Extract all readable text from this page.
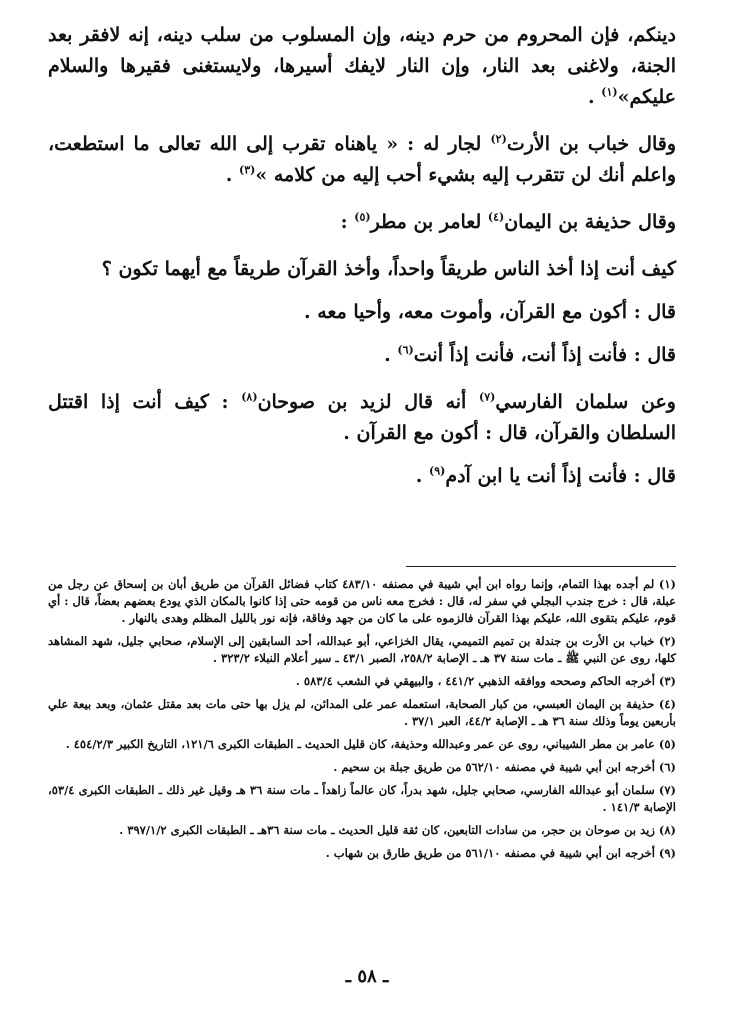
دينكم، فإن المحروم من حرم دينه، وإن المسلوب من سلب دينه، إنه لافقر بعد الجنة، ولاغنى بعد النار، وإن النار لايفك أسيرها، ولايستغنى فقيرها والسلام عليكم»$^{(١)}$ .

وقال خباب بن الأرت$^{(٢)}$ لجار له : « ياهناه تقرب إلى الله تعالى ما استطعت، واعلم أنك لن تتقرب إليه بشيء أحب إليه من كلامه »$^{(٣)}$ .

وقال حذيفة بن اليمان$^{(٤)}$ لعامر بن مطر$^{(٥)}$ :

كيف أنت إذا أخذ الناس طريقاً واحداً، وأخذ القرآن طريقاً مع أيهما تكون ؟

قال : أكون مع القرآن، وأموت معه، وأحيا معه .

قال : فأنت إذاً أنت، فأنت إذاً أنت$^{(٦)}$ .

وعن سلمان الفارسي$^{(٧)}$ أنه قال لزيد بن صوحان$^{(٨)}$ : كيف أنت إذا اقتتل السلطان والقرآن، قال : أكون مع القرآن .

قال : فأنت إذاً أنت يا ابن آدم$^{(٩)}$ .

(١) لم أجده بهذا التمام، وإنما رواه ابن أبي شيبة في مصنفه ٤٨٣/١٠ كتاب فضائل القرآن من طريق أبان بن إسحاق عن رجل من عبلة، قال : خرج جندب البجلي في سفر له، قال : فخرج معه ناس من قومه حتى إذا كانوا بالمكان الذي يودع بعضهم بعضاً، قال : أي قوم، عليكم بتقوى الله، عليكم بهذا القرآن فالزموه على ما كان من جهد وفاقة، فإنه نور بالليل المظلم وهدى بالنهار .

(٢) خباب بن الأرت بن جندلة بن تميم التميمي، يقال الخزاعي، أبو عبدالله، أحد السابقين إلى الإسلام، صحابي جليل، شهد المشاهد كلها، روى عن النبي ﷺ ـ مات سنة ٣٧ هـ ـ الإصابة ٢٥٨/٢، الصبر ٤٣/١ ـ سير أعلام النبلاء ٣٢٣/٢ .

(٣) أخرجه الحاكم وصححه ووافقه الذهبي ٤٤١/٢ ، والبيهقي في الشعب ٥٨٣/٤ .

(٤) حذيفة بن اليمان العبسي، من كبار الصحابة، استعمله عمر على المدائن، لم يزل بها حتى مات بعد مقتل عثمان، وبعد بيعة علي بأربعين يوماً وذلك سنة ٣٦ هـ ـ الإصابة ٤٤/٢، العبر ٣٧/١ .

(٥) عامر بن مطر الشيباني، روى عن عمر وعبدالله وحذيفة، كان قليل الحديث ـ الطبقات الكبرى ١٢١/٦، التاريخ الكبير ٤٥٤/٢/٣ .

(٦) أخرجه ابن أبي شيبة في مصنفه ٥٦٢/١٠ من طريق جبلة بن سحيم .

(٧) سلمان أبو عبدالله الفارسي، صحابي جليل، شهد بدراً، كان عالماً زاهداً ـ مات سنة ٣٦ هـ وقيل غير ذلك ـ الطبقات الكبرى ٥٣/٤، الإصابة ١٤١/٣ .

(٨) زيد بن صوحان بن حجر، من سادات التابعين، كان ثقة قليل الحديث ـ مات سنة ٣٦هـ ـ الطبقات الكبرى ٣٩٧/١/٢ .

(٩) أخرجه ابن أبي شيبة في مصنفه ٥٦١/١٠ من طريق طارق بن شهاب .

ـ ٥٨ ـ
